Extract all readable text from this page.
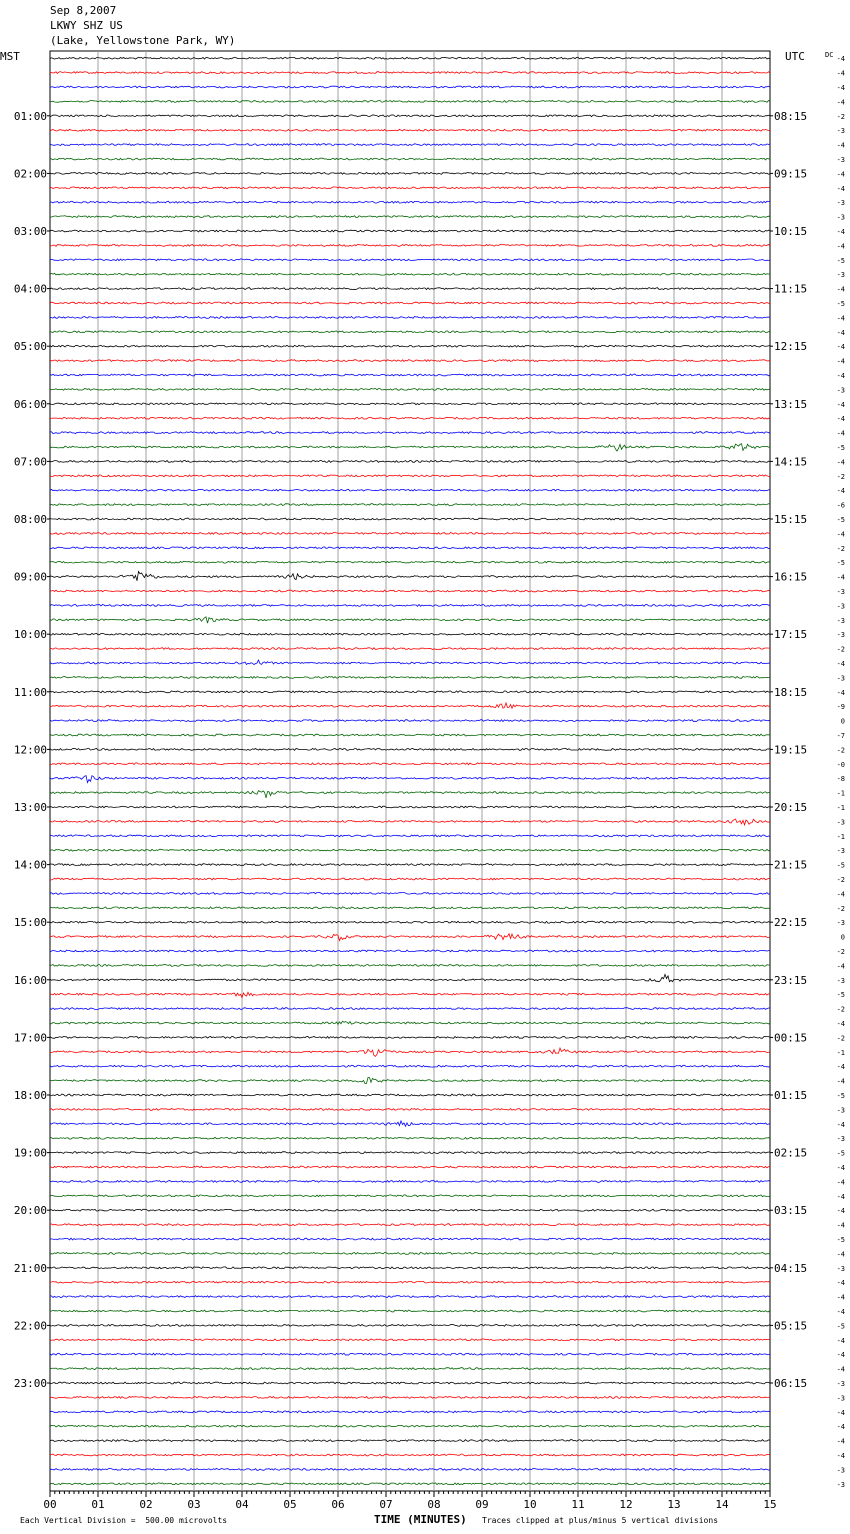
Sep 8,2007
LKWY SHZ US
(Lake, Yellowstone Park, WY)
MST	UTC	DC
00	01	02	03	04	05	06	07	08	09	10	11	12	13	14	15
-4
-4
-4
-4
01:00	08:15	-2
-3
-4
-3
02:00	09:15	-4
-4
-3
-3
03:00	10:15	-4
-4
-5
-3
04:00	11:15	-4
-5
-4
-4
05:00	12:15	-4
-4
-4
-3
06:00	13:15	-4
-4
-4
-5
07:00	14:15	-4
-2
-4
-6
08:00	15:15	-5
-4
-2
-5
09:00	16:15	-4
-3
-3
-3
10:00	17:15	-3
-2
-4
-3
11:00	18:15	-4
-9
0
-7
12:00	19:15	-2
-0
-8
-1
13:00	20:15	-1
-3
-1
-3
14:00	21:15	-5
-2
-4
-2
15:00	22:15	-3
0
-2
-4
16:00	23:15	-3
-5
-2
-4
17:00	00:15	-2
-1
-4
-4
18:00	01:15	-5
-3
-4
-3
19:00	02:15	-5
-4
-4
-4
20:00	03:15	-4
-4
-5
-4
21:00	04:15	-3
-4
-4
-4
22:00	05:15	-5
-4
-4
-4
23:00	06:15	-3
-3
-4
-4
-4
-4
-3
-3
Each Vertical Division =  500.00 microvolts	TIME (MINUTES) Traces clipped at plus/minus 5 vertical divisions
